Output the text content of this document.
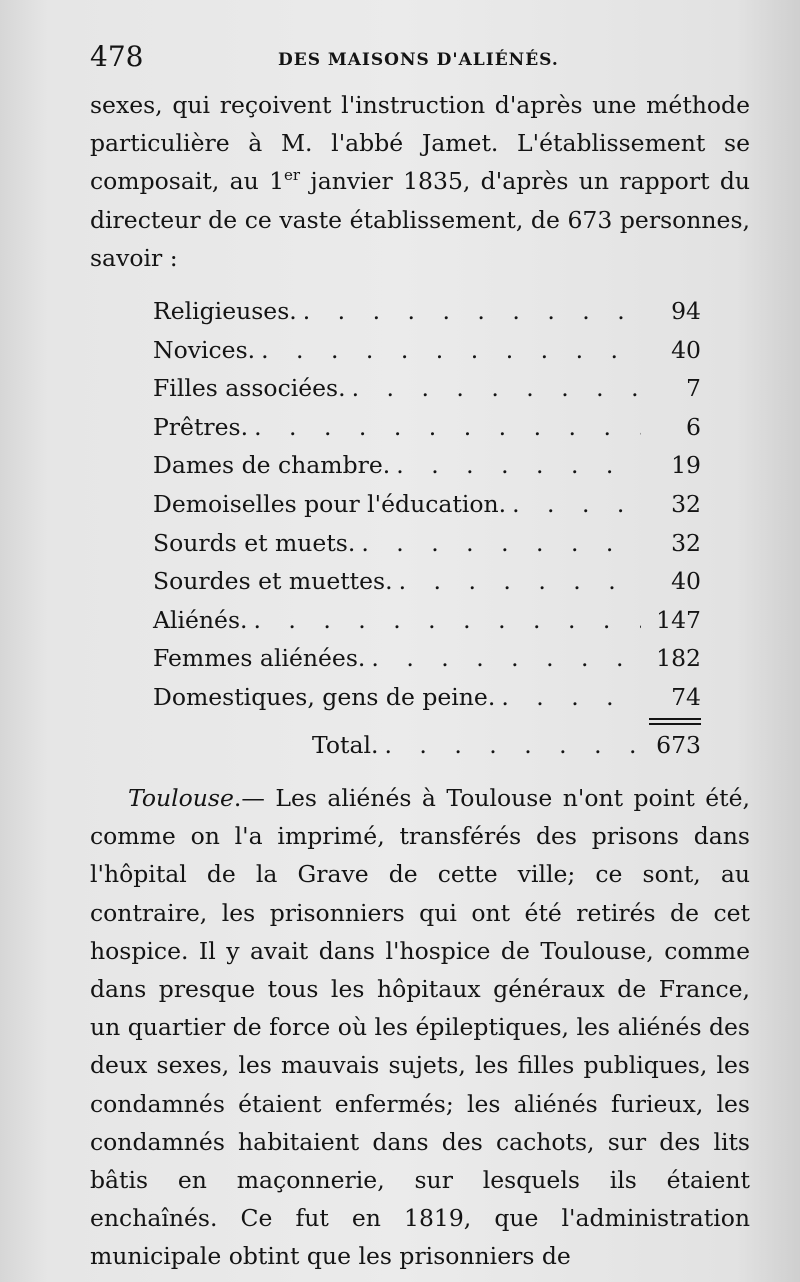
478	DES MAISONS D'ALIÉNÉS.

sexes, qui reçoivent l'instruction d'après une méthode particulière à M. l'abbé Jamet. L'établissement se composait, au 1er janvier 1835, d'après un rapport du directeur de ce vaste établissement, de 673 personnes, savoir :

Religieuses. . . .	94
Novices. . . .	40
Filles associées. . . .	7
Prêtres. . . .	6
Dames de chambre. . . .	19
Demoiselles pour l'éducation. . . .	32
Sourds et muets. . . .	32
Sourdes et muettes. . . .	40
Aliénés. . . .	147
Femmes aliénées. . . .	182
Domestiques, gens de peine. . . .	74
Total. . . .	673

Toulouse.— Les aliénés à Toulouse n'ont point été, comme on l'a imprimé, transférés des prisons dans l'hôpital de la Grave de cette ville; ce sont, au contraire, les prisonniers qui ont été retirés de cet hospice. Il y avait dans l'hospice de Toulouse, comme dans presque tous les hôpitaux généraux de France, un quartier de force où les épileptiques, les aliénés des deux sexes, les mauvais sujets, les filles publiques, les condamnés étaient enfermés; les aliénés furieux, les condamnés habitaient dans des cachots, sur des lits bâtis en maçonnerie, sur lesquels ils étaient enchaînés. Ce fut en 1819, que l'administration municipale obtint que les prisonniers de
